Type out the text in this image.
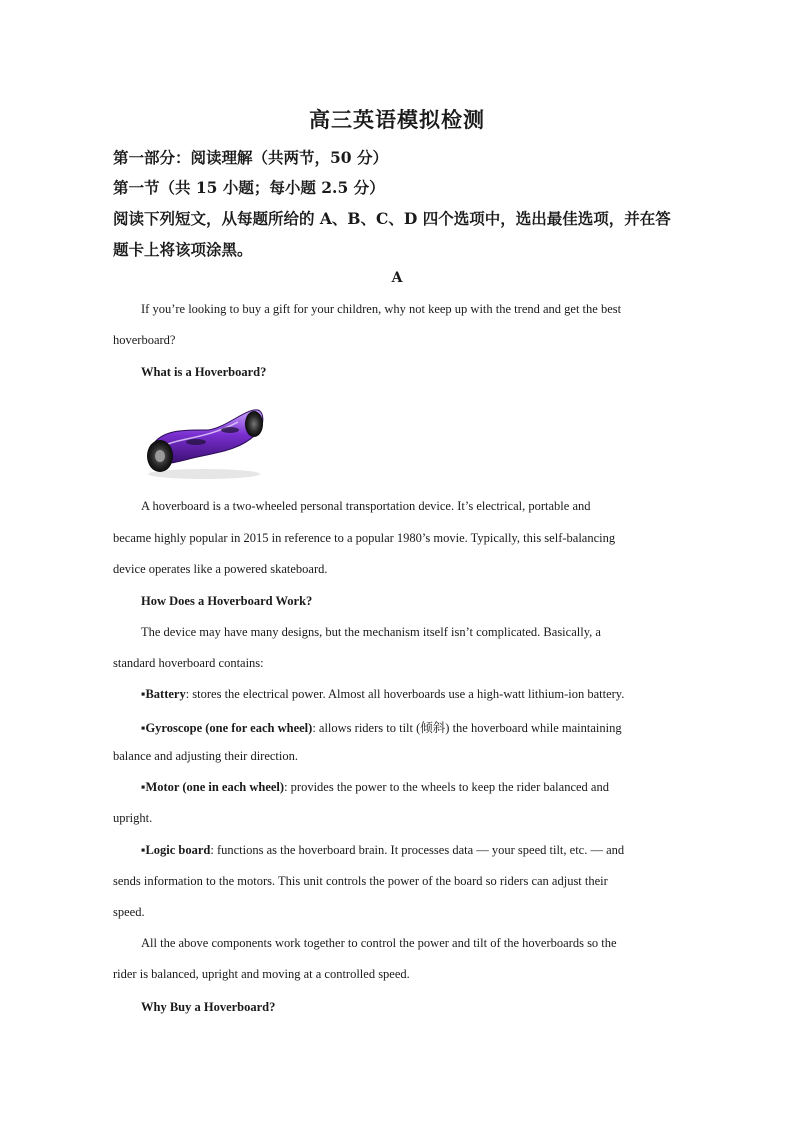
高三英语模拟检测
第一部分：阅读理解（共两节，50 分）
第一节（共 15 小题；每小题 2.5 分）
阅读下列短文，从每题所给的 A、B、C、D 四个选项中，选出最佳选项，并在答
题卡上将该项涂黑。
A
If you’re looking to buy a gift for your children, why not keep up with the trend and get the best
hoverboard?
What is a Hoverboard?
A hoverboard is a two-wheeled personal transportation device. It’s electrical, portable and
became highly popular in 2015 in reference to a popular 1980’s movie. Typically, this self-balancing
device operates like a powered skateboard.
How Does a Hoverboard Work?
The device may have many designs, but the mechanism itself isn’t complicated. Basically, a
standard hoverboard contains:
▪Battery: stores the electrical power. Almost all hoverboards use a high-watt lithium-ion battery.
▪Gyroscope (one for each wheel): allows riders to tilt (倾斜) the hoverboard while maintaining
balance and adjusting their direction.
▪Motor (one in each wheel): provides the power to the wheels to keep the rider balanced and
upright.
▪Logic board: functions as the hoverboard brain. It processes data — your speed tilt, etc. — and
sends information to the motors. This unit controls the power of the board so riders can adjust their
speed.
All the above components work together to control the power and tilt of the hoverboards so the
rider is balanced, upright and moving at a controlled speed.
Why Buy a Hoverboard?
